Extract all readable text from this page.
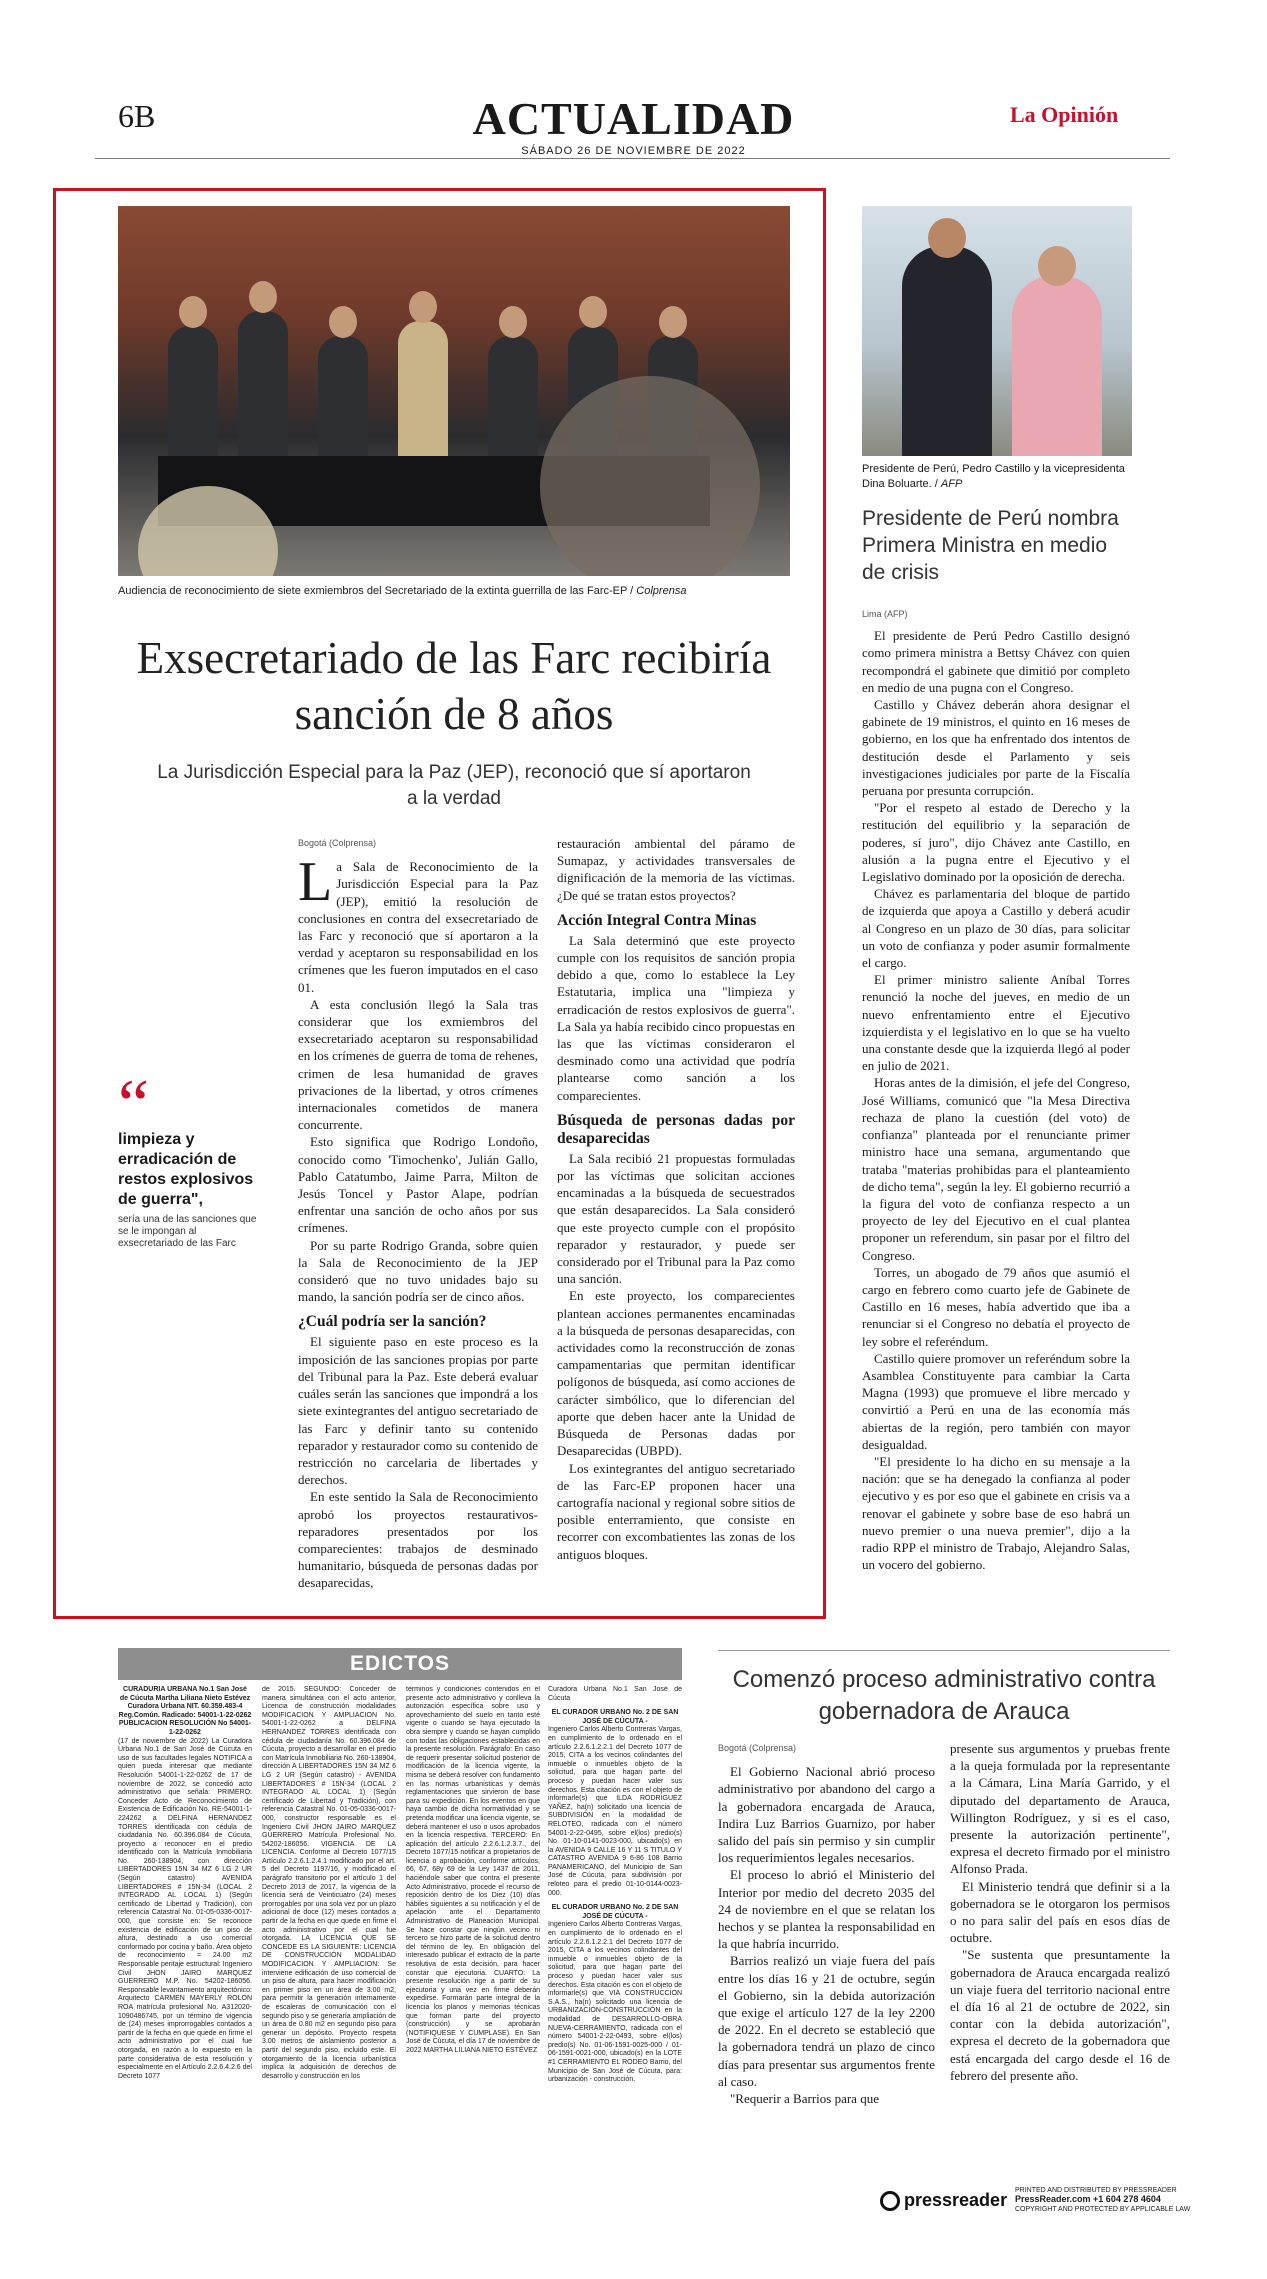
6B	ACTUALIDAD	La Opinión
SÁBADO 26 DE NOVIEMBRE DE 2022
Audiencia de reconocimiento de siete exmiembros del Secretariado de la extinta guerrilla de las Farc-EP / Colprensa
Exsecretariado de las Farc recibiría sanción de 8 años
La Jurisdicción Especial para la Paz (JEP), reconoció que sí aportaron a la verdad
“
limpieza y erradicación de restos explosivos de guerra",
sería una de las sanciones que se le impongan al exsecretariado de las Farc
Bogotá (Colprensa)

La Sala de Reconocimiento de la Jurisdicción Especial para la Paz (JEP), emitió la resolución de conclusiones en contra del exsecretariado de las Farc y reconoció que sí aportaron a la verdad y aceptaron su responsabilidad en los crímenes que les fueron imputados en el caso 01.

A esta conclusión llegó la Sala tras considerar que los exmiembros del exsecretariado aceptaron su responsabilidad en los crímenes de guerra de toma de rehenes, crimen de lesa humanidad de graves privaciones de la libertad, y otros crímenes internacionales cometidos de manera concurrente.

Esto significa que Rodrigo Londoño, conocido como 'Timochenko', Julián Gallo, Pablo Catatumbo, Jaime Parra, Milton de Jesús Toncel y Pastor Alape, podrían enfrentar una sanción de ocho años por sus crímenes.

Por su parte Rodrigo Granda, sobre quien la Sala de Reconocimiento de la JEP consideró que no tuvo unidades bajo su mando, la sanción podría ser de cinco años.

¿Cuál podría ser la sanción?

El siguiente paso en este proceso es la imposición de las sanciones propias por parte del Tribunal para la Paz. Este deberá evaluar cuáles serán las sanciones que impondrá a los siete exintegrantes del antiguo secretariado de las Farc y definir tanto su contenido reparador y restaurador como su contenido de restricción no carcelaria de libertades y derechos.

En este sentido la Sala de Reconocimiento aprobó los proyectos restaurativos-reparadores presentados por los comparecientes: trabajos de desminado humanitario, búsqueda de personas dadas por desaparecidas,

restauración ambiental del páramo de Sumapaz, y actividades transversales de dignificación de la memoria de las víctimas. ¿De qué se tratan estos proyectos?

Acción Integral Contra Minas

La Sala determinó que este proyecto cumple con los requisitos de sanción propia debido a que, como lo establece la Ley Estatutaria, implica una "limpieza y erradicación de restos explosivos de guerra". La Sala ya había recibido cinco propuestas en las que las víctimas consideraron el desminado como una actividad que podría plantearse como sanción a los comparecientes.

Búsqueda de personas dadas por desaparecidas

La Sala recibió 21 propuestas formuladas por las víctimas que solicitan acciones encaminadas a la búsqueda de secuestrados que están desaparecidos. La Sala consideró que este proyecto cumple con el propósito reparador y restaurador, y puede ser considerado por el Tribunal para la Paz como una sanción.

En este proyecto, los comparecientes plantean acciones permanentes encaminadas a la búsqueda de personas desaparecidas, con actividades como la reconstrucción de zonas campamentarias que permitan identificar polígonos de búsqueda, así como acciones de carácter simbólico, que lo diferencian del aporte que deben hacer ante la Unidad de Búsqueda de Personas dadas por Desaparecidas (UBPD).

Los exintegrantes del antiguo secretariado de las Farc-EP proponen hacer una cartografía nacional y regional sobre sitios de posible enterramiento, que consiste en recorrer con excombatientes las zonas de los antiguos bloques.

Presidente de Perú, Pedro Castillo y la vicepresidenta Dina Boluarte. / AFP
Presidente de Perú nombra Primera Ministra en medio de crisis
Lima (AFP)

El presidente de Perú Pedro Castillo designó como primera ministra a Bettsy Chávez con quien recompondrá el gabinete que dimitió por completo en medio de una pugna con el Congreso.

Castillo y Chávez deberán ahora designar el gabinete de 19 ministros, el quinto en 16 meses de gobierno, en los que ha enfrentado dos intentos de destitución desde el Parlamento y seis investigaciones judiciales por parte de la Fiscalía peruana por presunta corrupción.

"Por el respeto al estado de Derecho y la restitución del equilibrio y la separación de poderes, sí juro", dijo Chávez ante Castillo, en alusión a la pugna entre el Ejecutivo y el Legislativo dominado por la oposición de derecha.

Chávez es parlamentaria del bloque de partido de izquierda que apoya a Castillo y deberá acudir al Congreso en un plazo de 30 días, para solicitar un voto de confianza y poder asumir formalmente el cargo.

El primer ministro saliente Aníbal Torres renunció la noche del jueves, en medio de un nuevo enfrentamiento entre el Ejecutivo izquierdista y el legislativo en lo que se ha vuelto una constante desde que la izquierda llegó al poder en julio de 2021.

Horas antes de la dimisión, el jefe del Congreso, José Williams, comunicó que "la Mesa Directiva rechaza de plano la cuestión (del voto) de confianza" planteada por el renunciante primer ministro hace una semana, argumentando que trataba "materias prohibidas para el planteamiento de dicho tema", según la ley. El gobierno recurrió a la figura del voto de confianza respecto a un proyecto de ley del Ejecutivo en el cual plantea proponer un referendum, sin pasar por el filtro del Congreso.

Torres, un abogado de 79 años que asumió el cargo en febrero como cuarto jefe de Gabinete de Castillo en 16 meses, había advertido que iba a renunciar si el Congreso no debatía el proyecto de ley sobre el referéndum.

Castillo quiere promover un referéndum sobre la Asamblea Constituyente para cambiar la Carta Magna (1993) que promueve el libre mercado y convirtió a Perú en una de las economía más abiertas de la región, pero también con mayor desigualdad.

"El presidente lo ha dicho en su mensaje a la nación: que se ha denegado la confianza al poder ejecutivo y es por eso que el gabinete en crisis va a renovar el gabinete y sobre base de eso habrá un nuevo premier o una nueva premier", dijo a la radio RPP el ministro de Trabajo, Alejandro Salas, un vocero del gobierno.

EDICTOS
CURADURIA URBANA No.1 San José de Cúcuta Martha Liliana Nieto Estévez Curadora Urbana NIT. 60.359.483-4 Reg.Común. Radicado: 54001-1-22-0262 PUBLICACION RESOLUCIÓN No 54001-1-22-0262
(17 de noviembre de 2022) La Curadora Urbana No.1 de San José de Cúcuta en uso de sus facultades legales NOTIFICA a quien pueda interesar que mediante Resolución 54001-1-22-0262 de 17 de noviembre de 2022, se concedió acto administrativo que señala: PRIMERO: Conceder Acto de Reconocimiento de Existencia de Edificación No. RE-54001-1-224262 a DELFINA HERNANDEZ TORRES identificada con cédula de ciudadanía No. 60.396.084 de Cúcuta, proyecto a reconocer en el predio identificado con la Matrícula Inmobiliaria No. 260-138904, con dirección LIBERTADORES 15N 34 MZ 6 LG 2 UR (Según catastro) AVENIDA LIBERTADORES # 15N-34 (LOCAL 2 INTEGRADO AL LOCAL 1) (Según certificado de Libertad y Tradición), con referencia Catastral No. 01-05-0336-0017-000, que consiste en: Se reconoce existencia de edificación de un piso de altura, destinado a uso comercial conformado por cocina y baño. Área objeto de reconocimiento = 24.00 m2 Responsable peritaje estructural: Ingeniero Civil JHON JAIRO MARQUEZ GUERRERO M.P. No. 54202-186056. Responsable levantamiento arquitectónico: Arquitecto CARMEN MAYERLY ROLON ROA matrícula profesional No. A312020-1090486745, por un término de vigencia de (24) meses improrrogables contados a partir de la fecha en que quede en firme el acto administrativo por el cual fue otorgada, en razón a lo expuesto en la parte considerativa de esta resolución y especialmente en el Artículo 2.2.6.4.2.6 del Decreto 1077
de 2015. SEGUNDO: Conceder de manera simultánea con el acto anterior, Licencia de construcción modalidades MODIFICACION Y AMPLIACION No. 54001-1-22-0262 a DELFINA HERNANDEZ TORRES identificada con cédula de ciudadanía No. 60.396.084 de Cúcuta, proyecto a desarrollar en el predio con Matrícula Inmobiliaria No. 260-138904, dirección A LIBERTADORES 15N 34 MZ 6 LG 2 UR (Según catastro) - AVENIDA LIBERTADORES # 15N-34 (LOCAL 2 INTEGRADO AL LOCAL 1) (Según certificado de Libertad y Tradición), con referencia Catastral No. 01-05-0336-0017-000, constructor responsable es el Ingeniero Civil JHON JAIRO MARQUEZ GUERRERO Matrícula Profesional No. 54202-186056. VIGENCIA DE LA LICENCIA. Conforme al Decreto 1077/15 Artículo 2.2.6.1.2.4.1 modificado por el art. 5 del Decreto 1197/16, y modificado el parágrafo transitorio por el artículo 1 del Decreto 2013 de 2017, la vigencia de la licencia será de Veinticuatro (24) meses prorrogables por una sola vez por un plazo adicional de doce (12) meses contados a partir de la fecha en que quede en firme el acto administrativo por el cual fue otorgada. LA LICENCIA QUE SE CONCEDE ES LA SIGUIENTE: LICENCIA DE CONSTRUCCIÓN MODALIDAD MODIFICACION Y AMPLIACION: Se interviene edificación de uso comercial de un piso de altura, para hacer modificación en primer piso en un área de 3.00 m2, para permitir la generación internamente de escaleras de comunicación con el segundo piso y se generaría ampliación de un área de 0.80 m2 en segundo piso para generar un depósito. Proyecto respeta 3.00 metros de aislamiento posterior a partir del segundo piso, incluido este. El otorgamiento de la licencia urbanística implica la adquisición de derechos de desarrollo y construcción en los
términos y condiciones contenidos en el presente acto administrativo y conlleva la autorización específica sobre uso y aprovechamiento del suelo en tanto esté vigente o cuando se haya ejecutado la obra siempre y cuando se hayan cumplido con todas las obligaciones establecidas en la presente resolución. Parágrafo: En caso de requerir presentar solicitud posterior de modificación de la licencia vigente, la misma se deberá resolver con fundamento en las normas urbanísticas y demás reglamentaciones que sirvieron de base para su expedición. En los eventos en que haya cambio de dicha normatividad y se pretenda modificar una licencia vigente, se deberá mantener el uso o usos aprobados en la licencia respectiva. TERCERO: En aplicación del artículo 2.2.6.1.2.3.7., del Decreto 1077/15 notificar a propietarios de licencia o aprobación, conforme artículos, 66, 67, 68y 69 de la Ley 1437 de 2011, haciéndole saber que contra el presente Acto Administrativo, procede el recurso de reposición dentro de los Diez (10) días hábiles siguientes a su notificación y el de apelación ante el Departamento Administrativo de Planeación Municipal. Se hace constar que ningún vecino ni tercero se hizo parte de la solicitud dentro del término de ley. En obligación del interesado publicar el extracto de la parte resolutiva de esta decisión, para hacer constar que ejecutoria. CUARTO: La presente resolución rige a partir de su ejecutoria y una vez en firme deberán expedirse. Formarán parte integral de la licencia los planos y memorias técnicas que forman parte del proyecto (construcción) y se aprobarán (NOTIFIQUESE Y CUMPLASE). En San José de Cúcuta, el día 17 de noviembre de 2022 MARTHA LILIANA NIETO ESTÉVEZ
Curadora Urbana No.1 San José de Cúcuta
EL CURADOR URBANO No. 2 DE SAN JOSÉ DE CÚCUTA -
Ingeniero Carlos Alberto Contreras Vargas, en cumplimiento de lo ordenado en el artículo 2.2.6.1.2.2.1 del Decreto 1077 de 2015, CITA a los vecinos colindantes del inmueble o inmuebles objeto de la solicitud, para que hagan parte del proceso y puedan hacer valer sus derechos. Esta citación es con el objeto de informarle(s) que ILDA RODRIGUEZ YAÑEZ, ha(n) solicitado una licencia de SUBDIVISIÓN en la modalidad de RELOTEO, radicada con el número 54001-2-22-0495, sobre el(los) predio(s) No. 01-10-0141-0023-000, ubicado(s) en la AVENIDA 9 CALLE 16 Y 11 S TITULO Y CATASTRO AVENIDA 9 6-86 108 Barrio PANAMERICANO, del Municipio de San José de Cúcuta, para subdivisión por reloteo para el predio 01-10-0144-0023-000.
EL CURADOR URBANO No. 2 DE SAN JOSÉ DE CÚCUTA -
Ingeniero Carlos Alberto Contreras Vargas, en cumplimiento de lo ordenado en el artículo 2.2.6.1.2.2.1 del Decreto 1077 de 2015, CITA a los vecinos colindantes del inmueble o inmuebles objeto de la solicitud, para que hagan parte del proceso y puedan hacer valer sus derechos. Esta citación es con el objeto de informarle(s) que VIA CONSTRUCCION S.A.S., ha(n) solicitado una licencia de URBANIZACIÓN-CONSTRUCCIÓN en la modalidad de DESARROLLO-OBRA NUEVA-CERRAMIENTO, radicada con el número 54001-2-22-0493, sobre el(los) predio(s) No. 01-06-1591-0025-000 / 01-06-1591-0021-000, ubicado(s) en la LOTE #1 CERRAMIENTO EL RODEO Barrio, del Municipio de San José de Cúcuta, para: urbanización - construcción.
Comenzó proceso administrativo contra gobernadora de Arauca
Bogotá (Colprensa)

El Gobierno Nacional abrió proceso administrativo por abandono del cargo a la gobernadora encargada de Arauca, Indira Luz Barrios Guarnizo, por haber salido del país sin permiso y sin cumplir los requerimientos legales necesarios.

El proceso lo abrió el Ministerio del Interior por medio del decreto 2035 del 24 de noviembre en el que se relatan los hechos y se plantea la responsabilidad en la que habría incurrido.

Barrios realizó un viaje fuera del país entre los días 16 y 21 de octubre, según el Gobierno, sin la debida autorización que exige el artículo 127 de la ley 2200 de 2022. En el decreto se estableció que la gobernadora tendrá un plazo de cinco días para presentar sus argumentos frente al caso.

"Requerir a Barrios para que

presente sus argumentos y pruebas frente a la queja formulada por la representante a la Cámara, Lina María Garrido, y el diputado del departamento de Arauca, Willington Rodríguez, y si es el caso, presente la autorización pertinente", expresa el decreto firmado por el ministro Alfonso Prada.

El Ministerio tendrá que definir si a la gobernadora se le otorgaron los permisos o no para salir del país en esos días de octubre.

"Se sustenta que presuntamente la gobernadora de Arauca encargada realizó un viaje fuera del territorio nacional entre el día 16 al 21 de octubre de 2022, sin contar con la debida autorización", expresa el decreto de la gobernadora que está encargada del cargo desde el 16 de febrero del presente año.

pressreader PRINTED AND DISTRIBUTED BY PRESSREADER
PressReader.com +1 604 278 4604
COPYRIGHT AND PROTECTED BY APPLICABLE LAW
